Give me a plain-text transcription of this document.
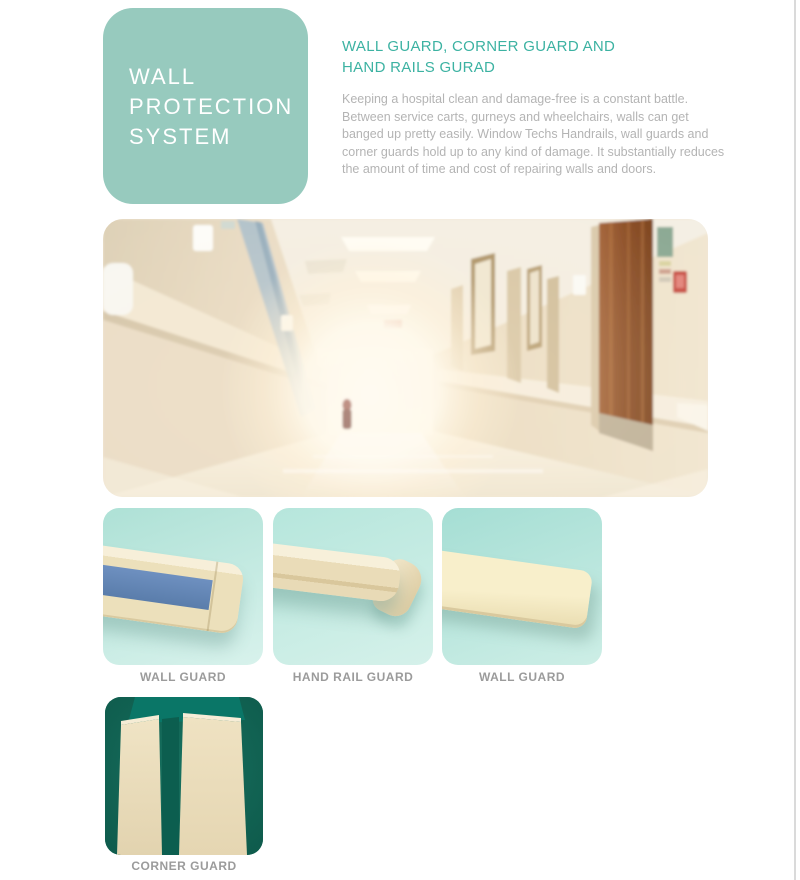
WALL
PROTECTION
SYSTEM
WALL GUARD, CORNER GUARD AND
HAND RAILS GURAD
Keeping a hospital clean and damage-free is a constant battle. Between service carts, gurneys and wheelchairs, walls can get banged up pretty easily. Window Techs Handrails, wall guards and corner guards hold up to any kind of damage. It substantially reduces the amount of time and cost of repairing walls and doors.
WALL GUARD	HAND RAIL GUARD	WALL GUARD
CORNER GUARD
